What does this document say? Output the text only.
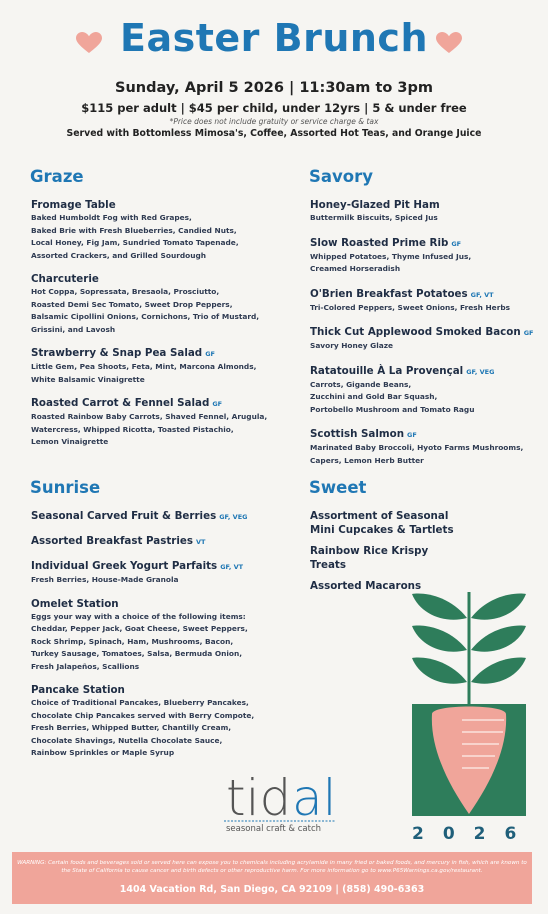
Easter Brunch
Sunday, April 5 2026 | 11:30am to 3pm
$115 per adult | $45 per child, under 12yrs | 5 & under free
*Price does not include gratuity or service charge & tax
Served with Bottomless Mimosa's, Coffee, Assorted Hot Teas, and Orange Juice
Graze
Fromage Table
Baked Humboldt Fog with Red Grapes,
Baked Brie with Fresh Blueberries, Candied Nuts,
Local Honey, Fig Jam, Sundried Tomato Tapenade,
Assorted Crackers, and Grilled Sourdough
Charcuterie
Hot Coppa, Sopressata, Bresaola, Prosciutto,
Roasted Demi Sec Tomato, Sweet Drop Peppers,
Balsamic Cipollini Onions, Cornichons, Trio of Mustard,
Grissini, and Lavosh
Strawberry & Snap Pea Salad GF
Little Gem, Pea Shoots, Feta, Mint, Marcona Almonds,
White Balsamic Vinaigrette
Roasted Carrot & Fennel Salad GF
Roasted Rainbow Baby Carrots, Shaved Fennel, Arugula,
Watercress, Whipped Ricotta, Toasted Pistachio,
Lemon Vinaigrette
Savory
Honey-Glazed Pit Ham
Buttermilk Biscuits, Spiced Jus
Slow Roasted Prime Rib GF
Whipped Potatoes, Thyme Infused Jus,
Creamed Horseradish
O'Brien Breakfast Potatoes GF, VT
Tri-Colored Peppers, Sweet Onions, Fresh Herbs
Thick Cut Applewood Smoked Bacon GF
Savory Honey Glaze
Ratatouille À La Provençal GF, VEG
Carrots, Gigande Beans,
Zucchini and Gold Bar Squash,
Portobello Mushroom and Tomato Ragu
Scottish Salmon GF
Marinated Baby Broccoli, Hyoto Farms Mushrooms,
Capers, Lemon Herb Butter
Sunrise
Seasonal Carved Fruit & Berries GF, VEG
Assorted Breakfast Pastries VT
Individual Greek Yogurt Parfaits GF, VT
Fresh Berries, House-Made Granola
Omelet Station
Eggs your way with a choice of the following items:
Cheddar, Pepper Jack, Goat Cheese, Sweet Peppers,
Rock Shrimp, Spinach, Ham, Mushrooms, Bacon,
Turkey Sausage, Tomatoes, Salsa, Bermuda Onion,
Fresh Jalapeños, Scallions
Pancake Station
Choice of Traditional Pancakes, Blueberry Pancakes,
Chocolate Chip Pancakes served with Berry Compote,
Fresh Berries, Whipped Butter, Chantilly Cream,
Chocolate Shavings, Nutella Chocolate Sauce,
Rainbow Sprinkles or Maple Syrup
Sweet
Assortment of Seasonal Mini Cupcakes & Tartlets
Rainbow Rice Krispy Treats
Assorted Macarons
tid al
seasonal craft & catch	2026
WARNING: Certain foods and beverages sold or served here can expose you to chemicals including acrylamide in many fried or baked foods, and mercury in fish, which are known to the State of California to cause cancer and birth defects or other reproductive harm. For more information go to www.P65Warnings.ca.gov/restaurant.
1404 Vacation Rd, San Diego, CA 92109 | (858) 490-6363
